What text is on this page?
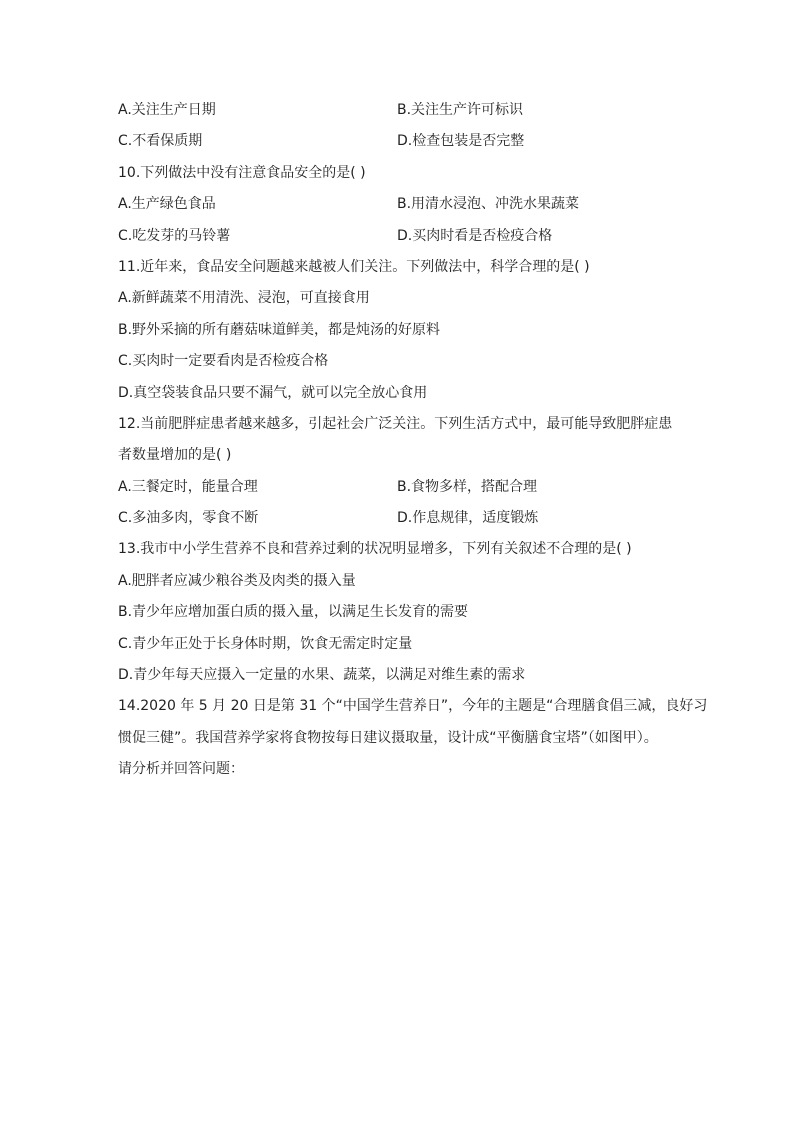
A.关注生产日期	B.关注生产许可标识
C.不看保质期	D.检查包装是否完整
10.下列做法中没有注意食品安全的是( )
A.生产绿色食品	B.用清水浸泡、冲洗水果蔬菜
C.吃发芽的马铃薯	D.买肉时看是否检疫合格
11.近年来，食品安全问题越来越被人们关注。下列做法中，科学合理的是( )
A.新鲜蔬菜不用清洗、浸泡，可直接食用
B.野外采摘的所有蘑菇味道鲜美，都是炖汤的好原料
C.买肉时一定要看肉是否检疫合格
D.真空袋装食品只要不漏气，就可以完全放心食用
12.当前肥胖症患者越来越多，引起社会广泛关注。下列生活方式中，最可能导致肥胖症患
者数量增加的是( )
A.三餐定时，能量合理	B.食物多样，搭配合理
C.多油多肉，零食不断	D.作息规律，适度锻炼
13.我市中小学生营养不良和营养过剩的状况明显增多，下列有关叙述不合理的是( )
A.肥胖者应减少粮谷类及肉类的摄入量
B.青少年应增加蛋白质的摄入量，以满足生长发育的需要
C.青少年正处于长身体时期，饮食无需定时定量
D.青少年每天应摄入一定量的水果、蔬菜，以满足对维生素的需求
14.2020 年 5 月 20 日是第 31 个“中国学生营养日”，今年的主题是“合理膳食倡三减，良好习
惯促三健”。我国营养学家将食物按每日建议摄取量，设计成“平衡膳食宝塔”（如图甲）。
请分析并回答问题：
